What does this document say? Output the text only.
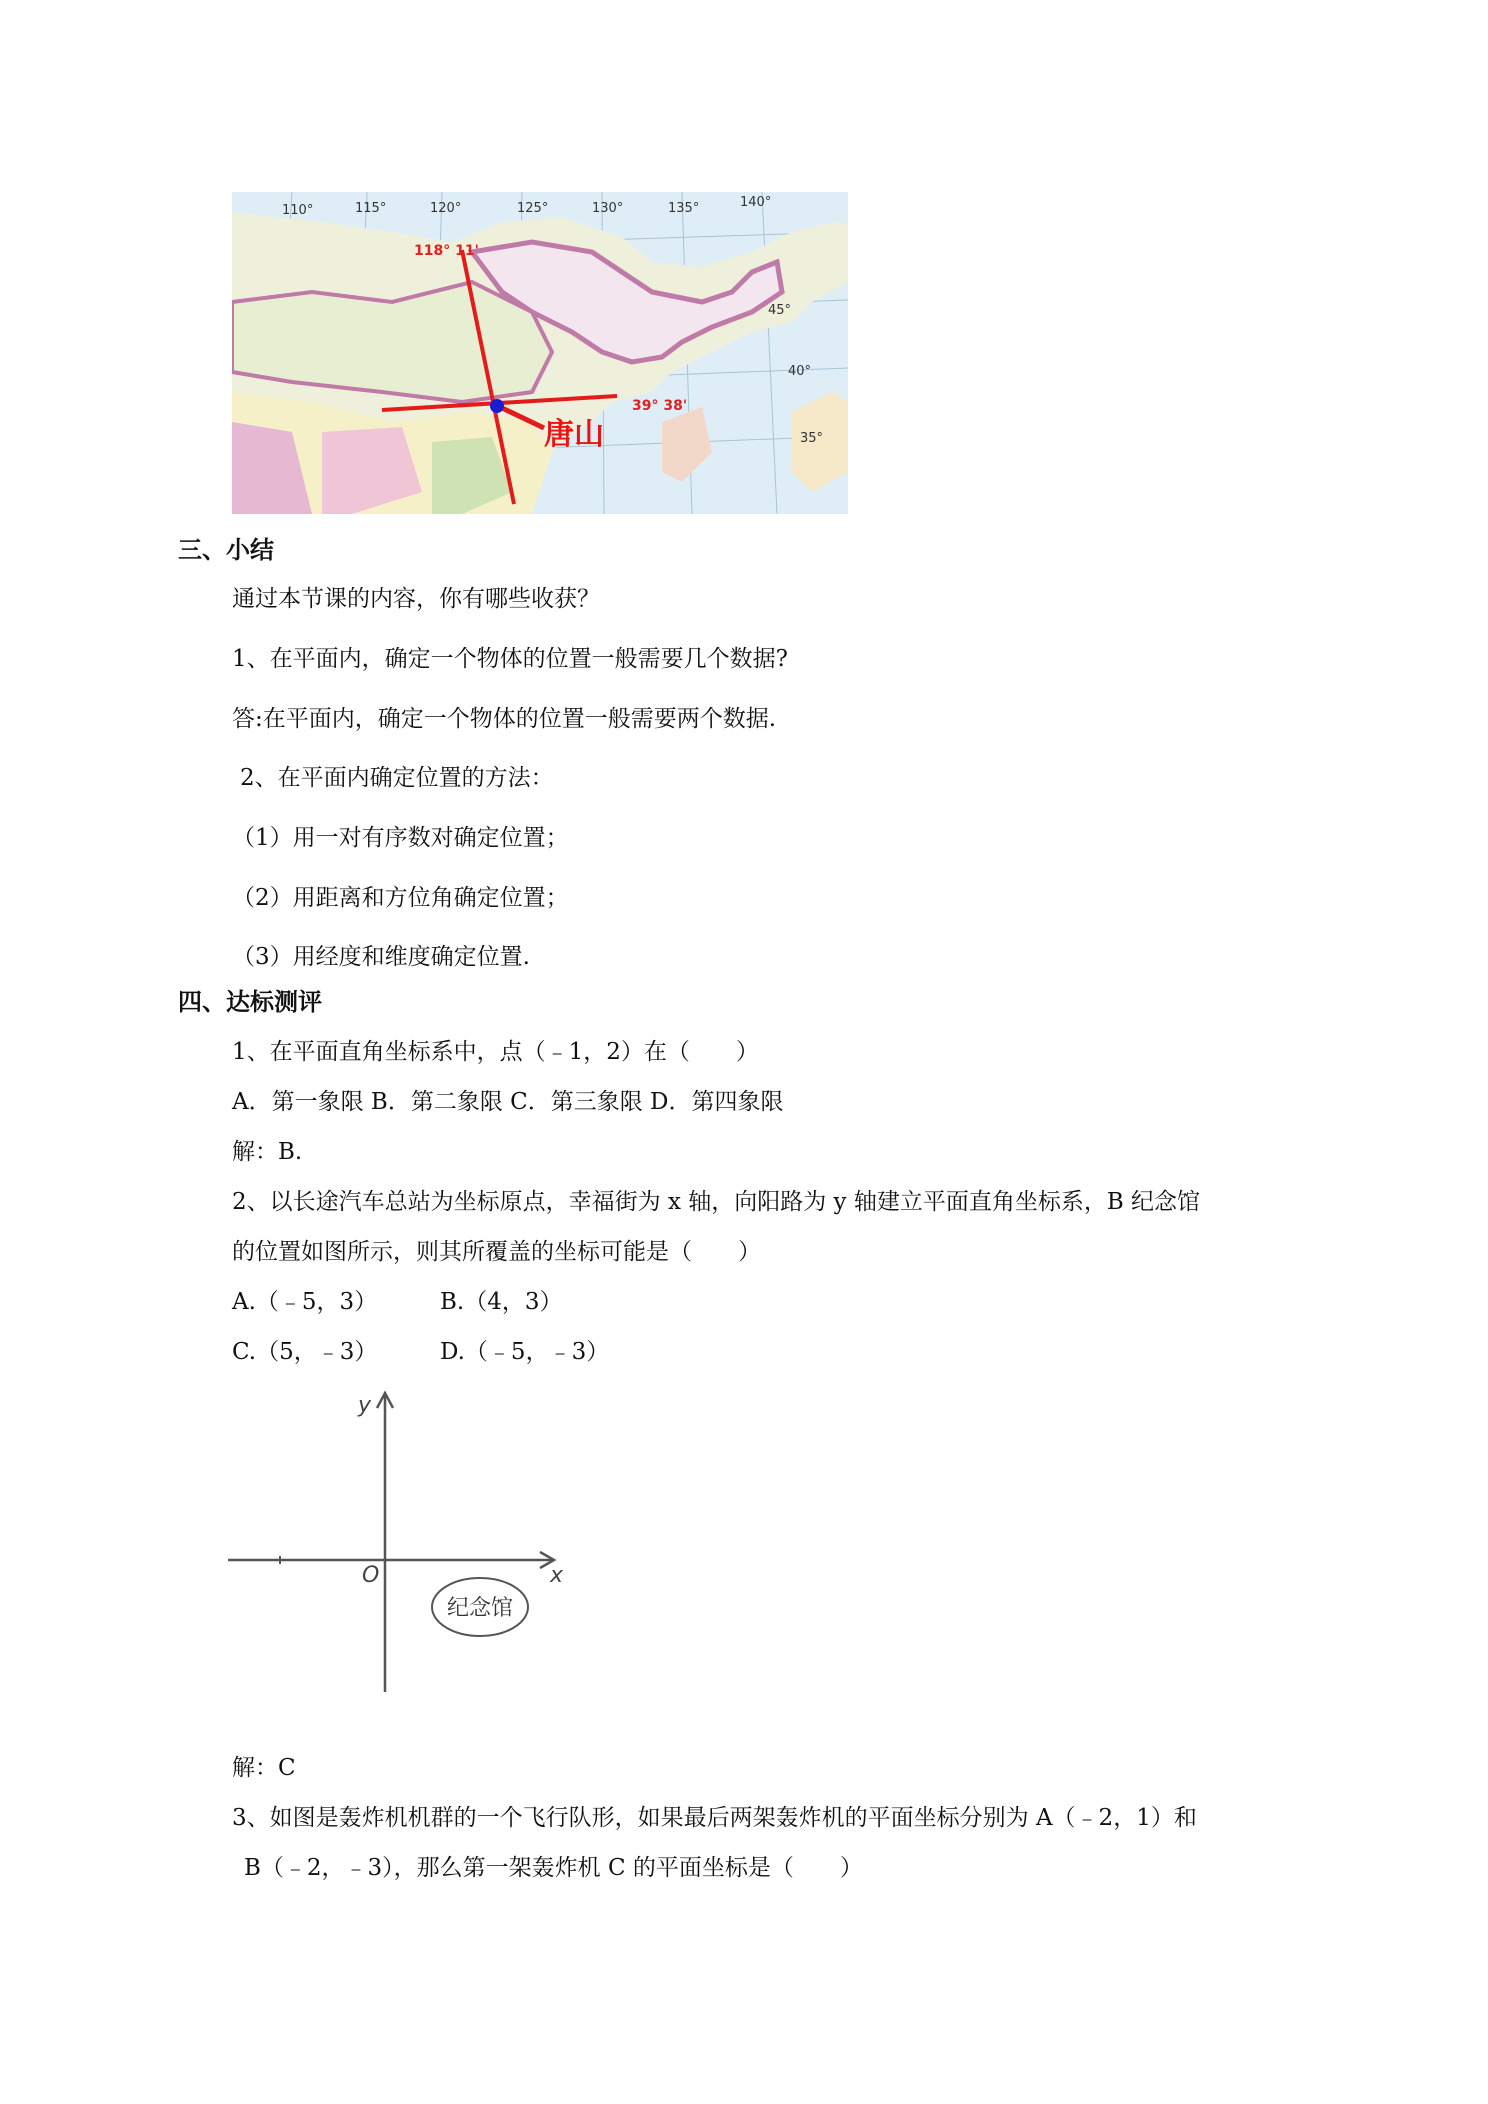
110°	115°	120°	125°	130°	135°	140°
45°
40°
35°
118° 11'
39° 38'
唐山
三、小结
通过本节课的内容，你有哪些收获？
1、在平面内，确定一个物体的位置一般需要几个数据?
答:在平面内，确定一个物体的位置一般需要两个数据.
2、在平面内确定位置的方法：
（1）用一对有序数对确定位置；
（2）用距离和方位角确定位置；
（3）用经度和维度确定位置.
四、达标测评
1、在平面直角坐标系中，点（﹣1，2）在（　　）
A．第一象限 B．第二象限 C．第三象限 D．第四象限
解：B.
2、以长途汽车总站为坐标原点，幸福街为 x 轴，向阳路为 y 轴建立平面直角坐标系，B 纪念馆
的位置如图所示，则其所覆盖的坐标可能是（　　）
A.（﹣5，3）	B.（4，3）
C.（5，﹣3）	D.（﹣5，﹣3）
y
x
O
纪念馆
解：C
3、如图是轰炸机机群的一个飞行队形，如果最后两架轰炸机的平面坐标分别为 A（﹣2，1）和
B（﹣2，﹣3），那么第一架轰炸机 C 的平面坐标是（　　）
